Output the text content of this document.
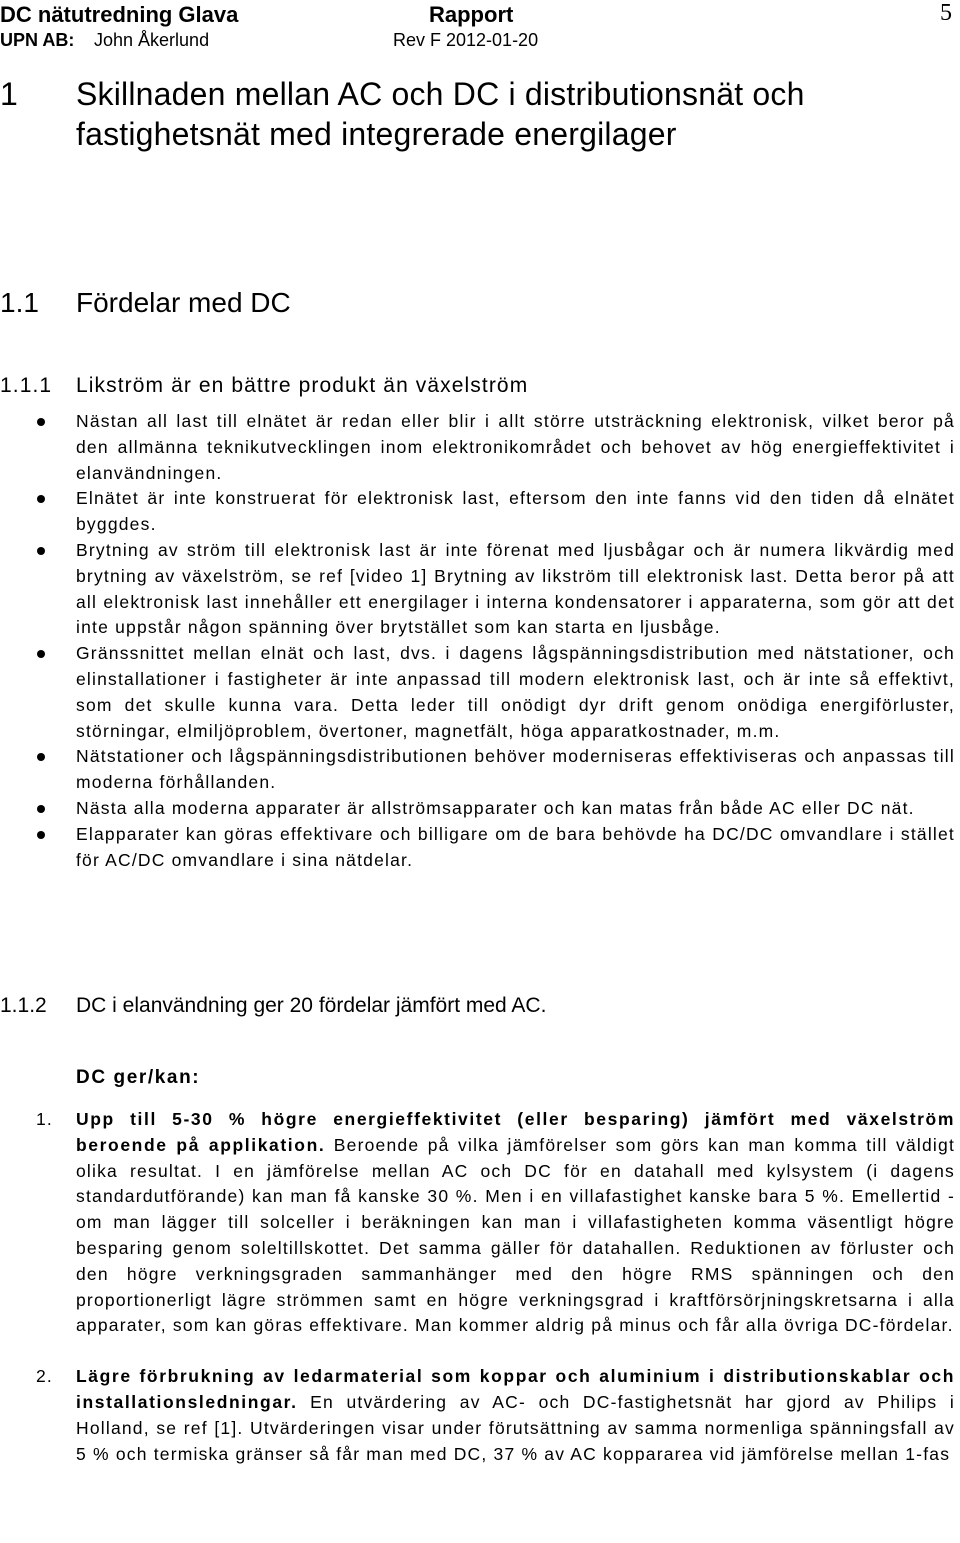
DC nätutredning Glava	Rapport	5
UPN AB: John Åkerlund	Rev F 2012-01-20
1 Skillnaden mellan AC och DC i distributionsnät och fastighetsnät med integrerade energilager
1.1 Fördelar med DC
1.1.1 Likström är en bättre produkt än växelström
Nästan all last till elnätet är redan eller blir i allt större utsträckning elektronisk, vilket beror på den allmänna teknikutvecklingen inom elektronikområdet och behovet av hög energieffektivitet i elanvändningen.
Elnätet är inte konstruerat för elektronisk last, eftersom den inte fanns vid den tiden då elnätet byggdes.
Brytning av ström till elektronisk last är inte förenat med ljusbågar och är numera likvärdig med brytning av växelström, se ref [video 1] Brytning av likström till elektronisk last. Detta beror på att all elektronisk last innehåller ett energilager i interna kondensatorer i apparaterna, som gör att det inte uppstår någon spänning över brytstället som kan starta en ljusbåge.
Gränssnittet mellan elnät och last, dvs. i dagens lågspänningsdistribution med nätstationer, och elinstallationer i fastigheter är inte anpassad till modern elektronisk last, och är inte så effektivt, som det skulle kunna vara. Detta leder till onödigt dyr drift genom onödiga energiförluster, störningar, elmiljöproblem, övertoner, magnetfält, höga apparatkostnader, m.m.
Nätstationer och lågspänningsdistributionen behöver moderniseras effektiviseras och anpassas till moderna förhållanden.
Nästa alla moderna apparater är allströmsapparater och kan matas från både AC eller DC nät.
Elapparater kan göras effektivare och billigare om de bara behövde ha DC/DC omvandlare i stället för AC/DC omvandlare i sina nätdelar.
1.1.2 DC i elanvändning ger 20 fördelar jämfört med AC.
DC ger/kan:
1. Upp till 5-30 % högre energieffektivitet (eller besparing) jämfört med växelström beroende på applikation. Beroende på vilka jämförelser som görs kan man komma till väldigt olika resultat. I en jämförelse mellan AC och DC för en datahall med kylsystem (i dagens standardutförande) kan man få kanske 30 %. Men i en villafastighet kanske bara 5 %. Emellertid - om man lägger till solceller i beräkningen kan man i villafastigheten komma väsentligt högre besparing genom soleltillskottet. Det samma gäller för datahallen. Reduktionen av förluster och den högre verkningsgraden sammanhänger med den högre RMS spänningen och den proportionerligt lägre strömmen samt en högre verkningsgrad i kraftförsörjningskretsarna i alla apparater, som kan göras effektivare. Man kommer aldrig på minus och får alla övriga DC-fördelar.
2. Lägre förbrukning av ledarmaterial som koppar och aluminium i distributionskablar och installationsledningar. En utvärdering av AC- och DC-fastighetsnät har gjord av Philips i Holland, se ref [1]. Utvärderingen visar under förutsättning av samma normenliga spänningsfall av 5 % och termiska gränser så får man med DC, 37 % av AC koppararea vid jämförelse mellan 1-fas
